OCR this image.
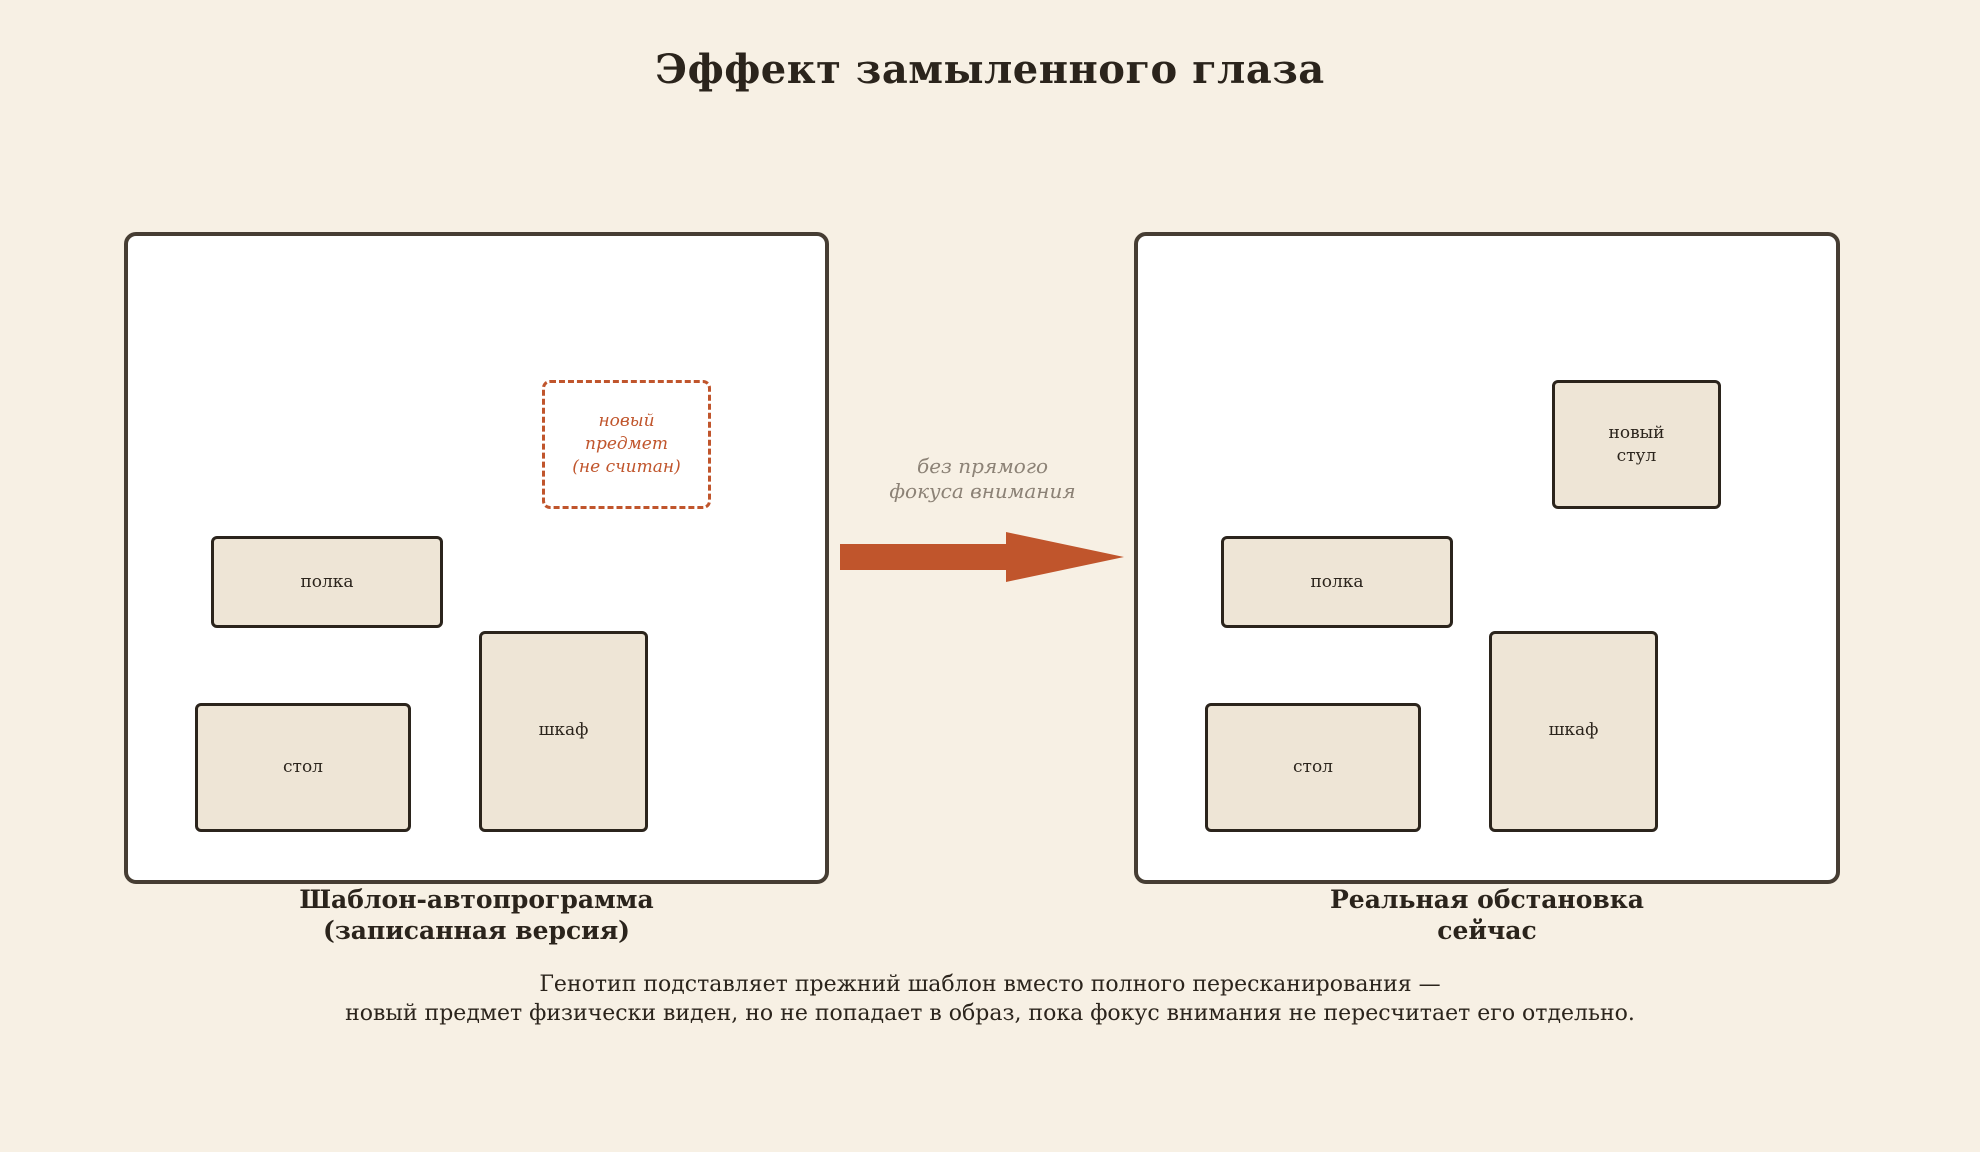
Эффект замыленного глаза
новый
предмет
(не считан)
полка
шкаф
стол
Шаблон-автопрограмма
(записанная версия)
без прямого
фокуса внимания
новый
стул
полка
шкаф
стол
Реальная обстановка
сейчас
Генотип подставляет прежний шаблон вместо полного пересканирования —
новый предмет физически виден, но не попадает в образ, пока фокус внимания не пересчитает его отдельно.
